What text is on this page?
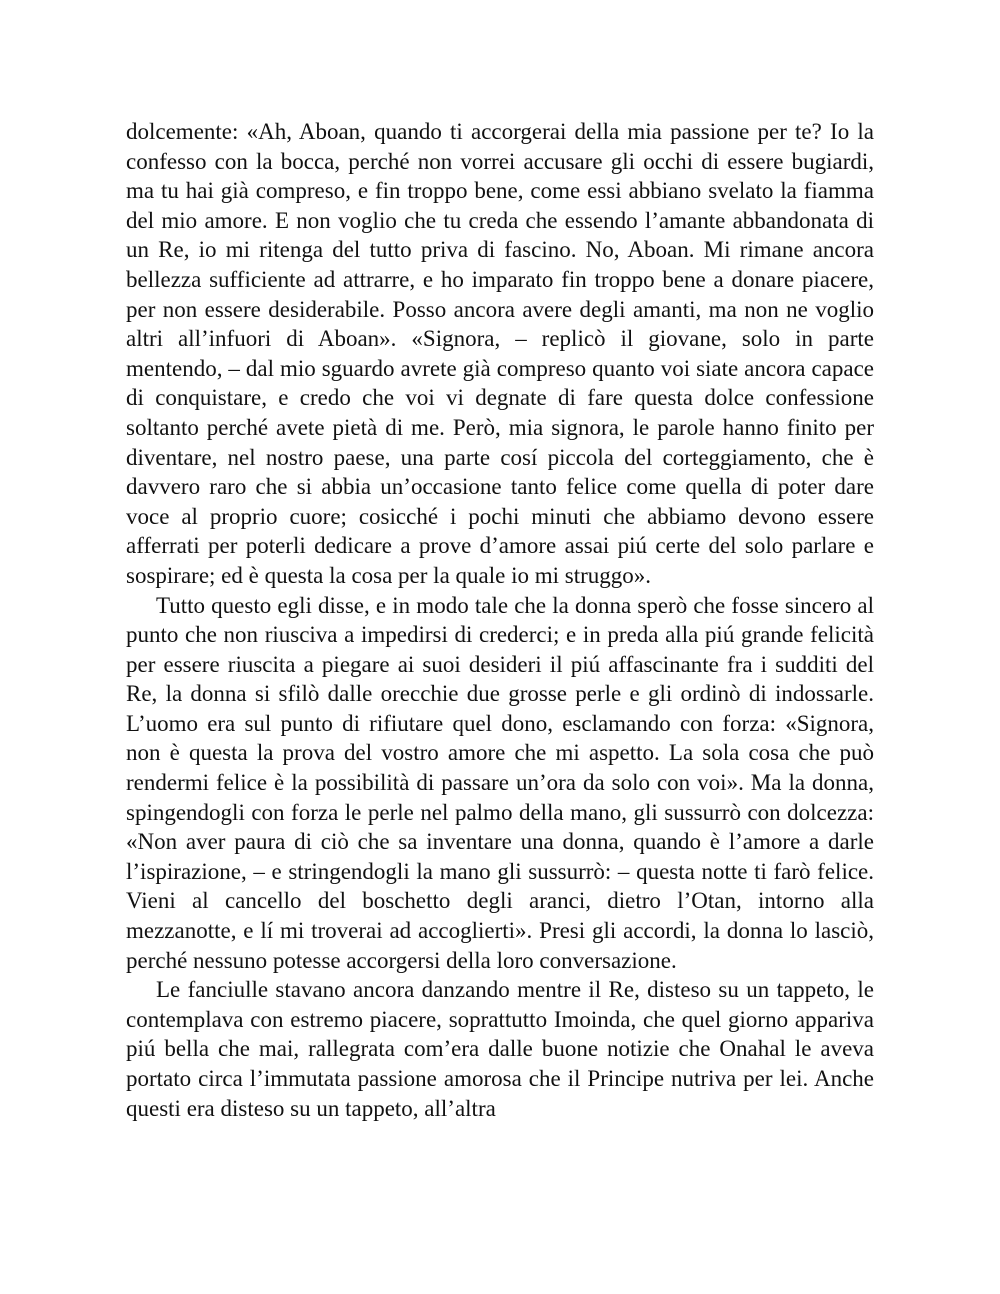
dolcemente: «Ah, Aboan, quando ti accorgerai della mia passione per te? Io la confesso con la bocca, perché non vorrei accusare gli occhi di essere bugiardi, ma tu hai già compreso, e fin troppo bene, come essi abbiano svelato la fiamma del mio amore. E non voglio che tu creda che essendo l’amante abbandonata di un Re, io mi ritenga del tutto priva di fascino. No, Aboan. Mi rimane ancora bellezza sufficiente ad attrarre, e ho imparato fin troppo bene a donare piacere, per non essere desiderabile. Posso ancora avere degli amanti, ma non ne voglio altri all’infuori di Aboan». «Signora, – replicò il giovane, solo in parte mentendo, – dal mio sguardo avrete già compreso quanto voi siate ancora capace di conquistare, e credo che voi vi degnate di fare questa dolce confessione soltanto perché avete pietà di me. Però, mia signora, le parole hanno finito per diventare, nel nostro paese, una parte cosí piccola del corteggiamento, che è davvero raro che si abbia un’occasione tanto felice come quella di poter dare voce al proprio cuore; cosicché i pochi minuti che abbiamo devono essere afferrati per poterli dedicare a prove d’amore assai piú certe del solo parlare e sospirare; ed è questa la cosa per la quale io mi struggo».

Tutto questo egli disse, e in modo tale che la donna sperò che fosse sincero al punto che non riusciva a impedirsi di crederci; e in preda alla piú grande felicità per essere riuscita a piegare ai suoi desideri il piú affascinante fra i sudditi del Re, la donna si sfilò dalle orecchie due grosse perle e gli ordinò di indossarle. L’uomo era sul punto di rifiutare quel dono, esclamando con forza: «Signora, non è questa la prova del vostro amore che mi aspetto. La sola cosa che può rendermi felice è la possibilità di passare un’ora da solo con voi». Ma la donna, spingendogli con forza le perle nel palmo della mano, gli sussurrò con dolcezza: «Non aver paura di ciò che sa inventare una donna, quando è l’amore a darle l’ispirazione, – e stringendogli la mano gli sussurrò: – questa notte ti farò felice. Vieni al cancello del boschetto degli aranci, dietro l’Otan, intorno alla mezzanotte, e lí mi troverai ad accoglierti». Presi gli accordi, la donna lo lasciò, perché nessuno potesse accorgersi della loro conversazione.

Le fanciulle stavano ancora danzando mentre il Re, disteso su un tappeto, le contemplava con estremo piacere, soprattutto Imoinda, che quel giorno appariva piú bella che mai, rallegrata com’era dalle buone notizie che Onahal le aveva portato circa l’immutata passione amorosa che il Principe nutriva per lei. Anche questi era disteso su un tappeto, all’altra
